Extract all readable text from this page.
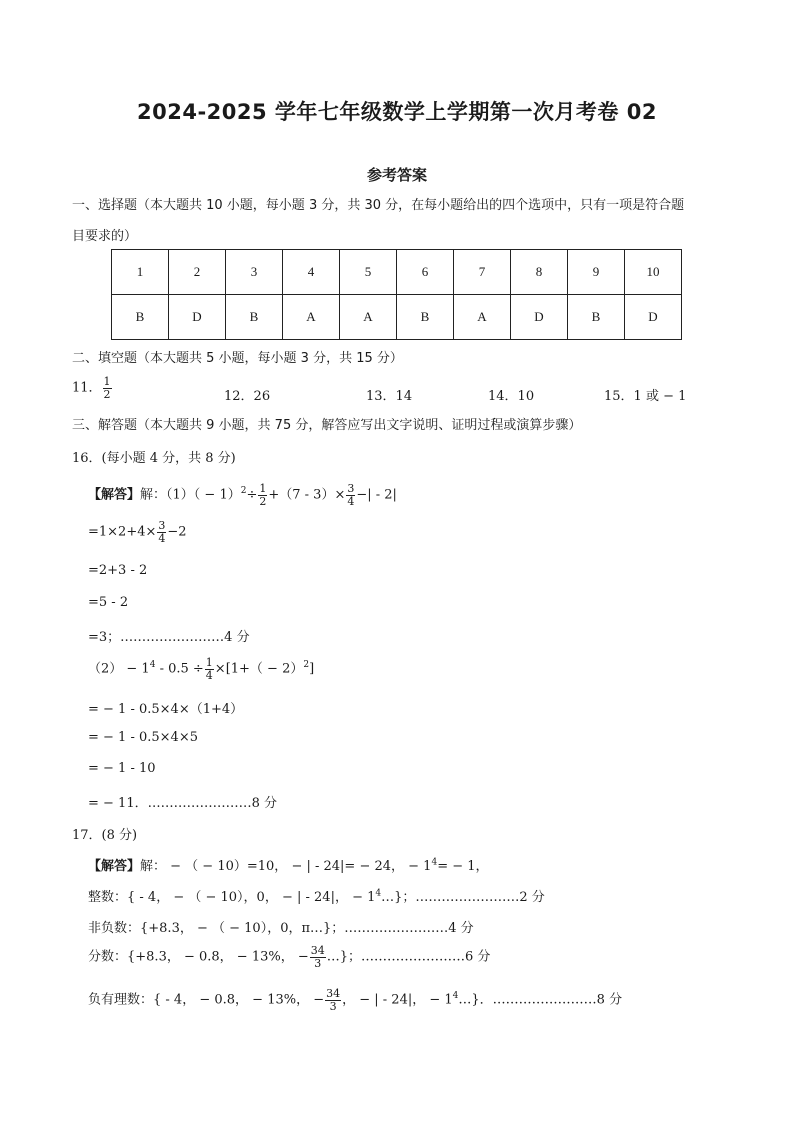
2024-2025 学年七年级数学上学期第一次月考卷 02
参考答案
一、选择题（本大题共 10 小题，每小题 3 分，共 30 分，在每小题给出的四个选项中，只有一项是符合题
目要求的）
1	2	3	4	5	6	7	8	9	10
B	D	B	A	A	B	A	D	B	D
二、填空题（本大题共 5 小题，每小题 3 分，共 15 分）
11． $\frac{1}{2}$	12．26	13．14	14．10	15．1 或 − 1
三、解答题（本大题共 9 小题，共 75 分，解答应写出文字说明、证明过程或演算步骤）
16．(每小题 4 分，共 8 分)
【解答】解：$(1)( - 1)^2\div \frac{1}{2} +(7 - 3)\times \frac{3}{4}$ −| - 2|
$=1\times 2+4\times \frac{3}{4} -2$
=2+3 - 2
=5 - 2
=3；……………………4 分
$(2) - 1^4 - 0.5 \div \frac{1}{4} \times[1+( - 2)^2]$
= − 1 - 0.5×4×（1+4）
= − 1 - 0.5×4×5
= − 1 - 10
= − 11．……………………8 分
17．(8 分)
【解答】解： − （ − 10）=10， − | - 24|= − 24， − $1^4= - 1$，
整数：{ - 4， − （ − 10），0， − | - 24|， − $1^4\dots$}；……………………2 分
非负数：{+8.3， − （ − 10），0，π…}；……………………4 分
分数：{+8.3， − 0.8， − 13%， − $\frac{34}{3}$ …}；……………………6 分
负有理数：{ - 4， − 0.8， − 13%， − $\frac{34}{3}$ ， − | - 24|， − $1^4\dots$}．……………………8 分
